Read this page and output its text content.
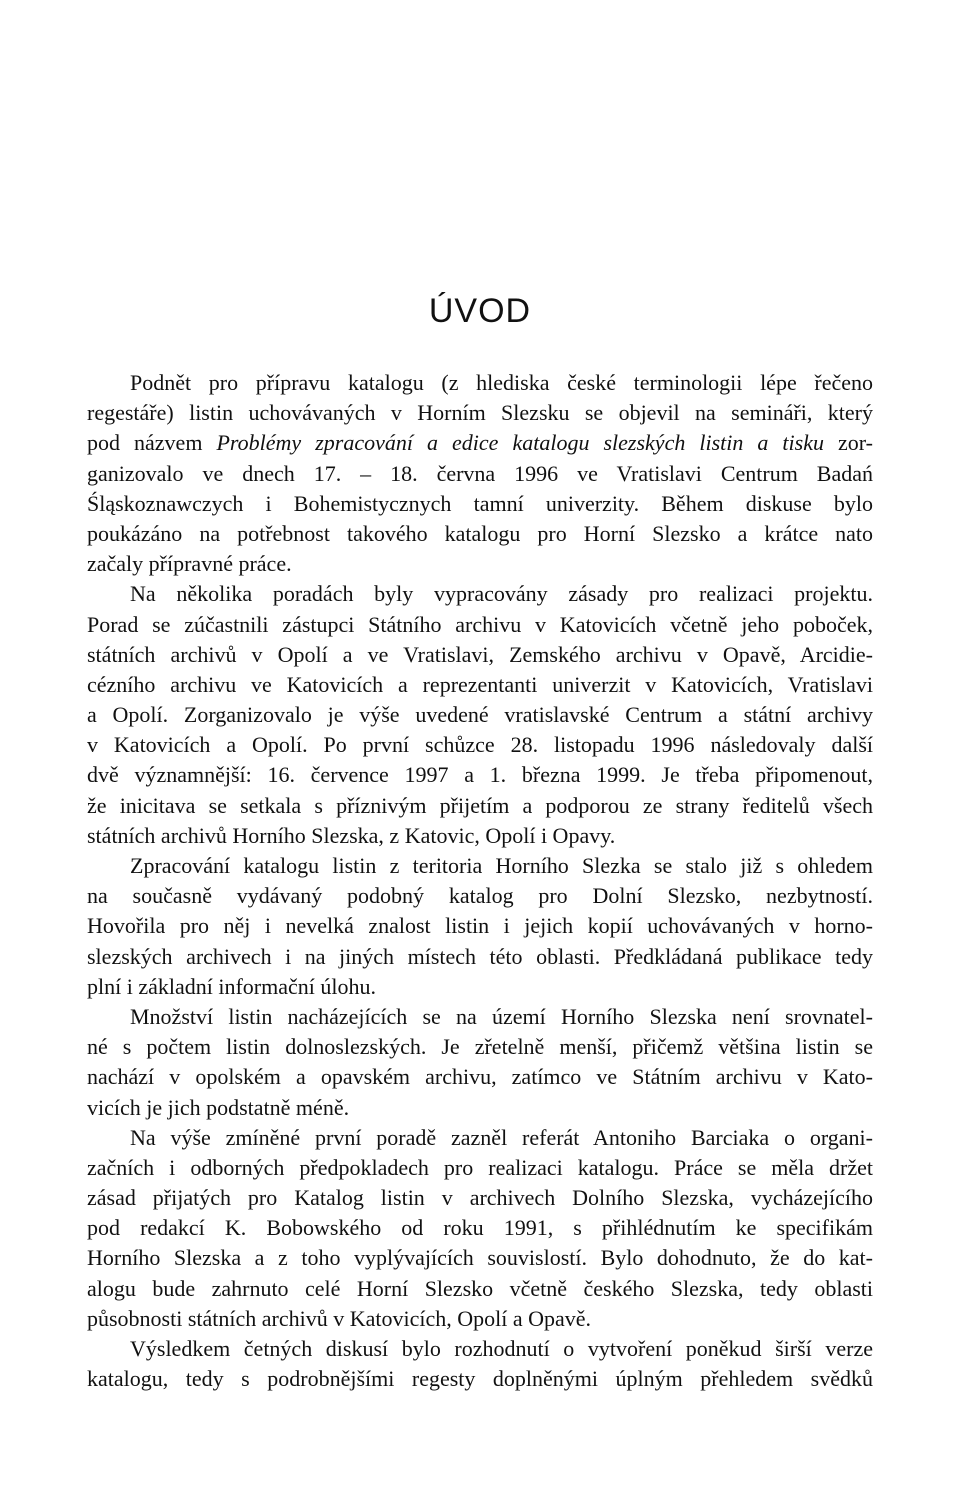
ÚVOD
Podnět pro přípravu katalogu (z hlediska české terminologii lépe řečeno
regestáře) listin uchovávaných v Horním Slezsku se objevil na semináři, který
pod názvem Problémy zpracování a edice katalogu slezských listin a tisku zor-
ganizovalo ve dnech 17. – 18. června 1996 ve Vratislavi Centrum Badań
Śląskoznawczych i Bohemistycznych tamní univerzity. Během diskuse bylo
poukázáno na potřebnost takového katalogu pro Horní Slezsko a krátce nato
začaly přípravné práce.
Na několika poradách byly vypracovány zásady pro realizaci projektu.
Porad se zúčastnili zástupci Státního archivu v Katovicích včetně jeho poboček,
státních archivů v Opolí a ve Vratislavi, Zemského archivu v Opavě, Arcidie-
cézního archivu ve Katovicích a reprezentanti univerzit v Katovicích, Vratislavi
a Opolí. Zorganizovalo je výše uvedené vratislavské Centrum a státní archivy
v Katovicích a Opolí. Po první schůzce 28. listopadu 1996 následovaly další
dvě významnější: 16. července 1997 a 1. března 1999. Je třeba připomenout,
že inicitava se setkala s příznivým přijetím a podporou ze strany ředitelů všech
státních archivů Horního Slezska, z Katovic, Opolí i Opavy.
Zpracování katalogu listin z teritoria Horního Slezka se stalo již s ohledem
na současně vydávaný podobný katalog pro Dolní Slezsko, nezbytností.
Hovořila pro něj i nevelká znalost listin i jejich kopií uchovávaných v horno-
slezských archivech i na jiných místech této oblasti. Předkládaná publikace tedy
plní i základní informační úlohu.
Množství listin nacházejících se na území Horního Slezska není srovnatel-
né s počtem listin dolnoslezských. Je zřetelně menší, přičemž většina listin se
nachází v opolském a opavském archivu, zatímco ve Státním archivu v Kato-
vicích je jich podstatně méně.
Na výše zmíněné první poradě zazněl referát Antoniho Barciaka o organi-
začních i odborných předpokladech pro realizaci katalogu. Práce se měla držet
zásad přijatých pro Katalog listin v archivech Dolního Slezska, vycházejícího
pod redakcí K. Bobowského od roku 1991, s přihlédnutím ke specifikám
Horního Slezska a z toho vyplývajících souvislostí. Bylo dohodnuto, že do kat-
alogu bude zahrnuto celé Horní Slezsko včetně českého Slezska, tedy oblasti
působnosti státních archivů v Katovicích, Opolí a Opavě.
Výsledkem četných diskusí bylo rozhodnutí o vytvoření poněkud širší verze
katalogu, tedy s podrobnějšími regesty doplněnými úplným přehledem svědků
